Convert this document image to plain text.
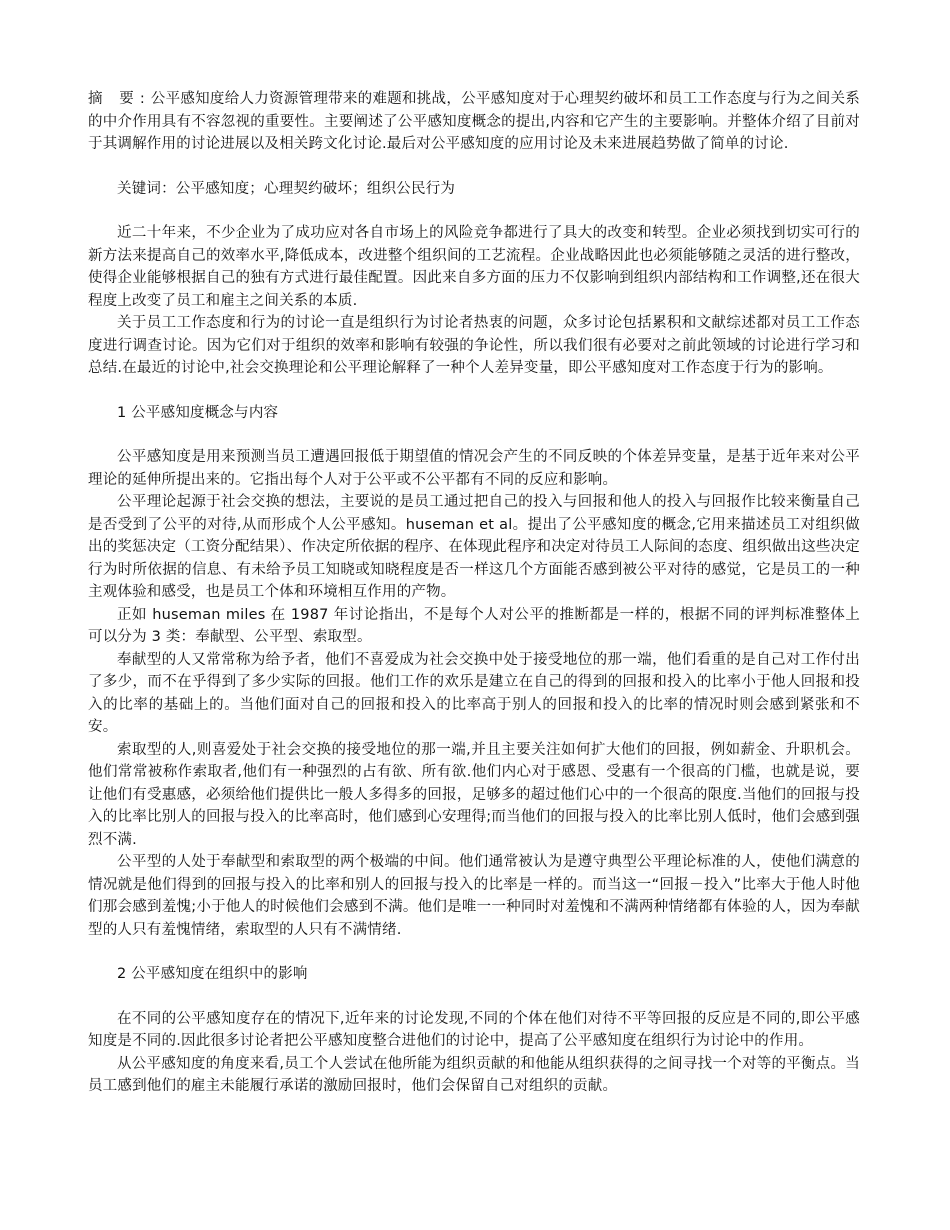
摘 要:公平感知度给人力资源管理带来的难题和挑战，公平感知度对于心理契约破坏和员工工作态度与行为之间关系的中介作用具有不容忽视的重要性。主要阐述了公平感知度概念的提出,内容和它产生的主要影响。并整体介绍了目前对于其调解作用的讨论进展以及相关跨文化讨论.最后对公平感知度的应用讨论及未来进展趋势做了简单的讨论.

关键词：公平感知度；心理契约破坏；组织公民行为

近二十年来，不少企业为了成功应对各自市场上的风险竞争都进行了具大的改变和转型。企业必须找到切实可行的新方法来提高自己的效率水平,降低成本，改进整个组织间的工艺流程。企业战略因此也必须能够随之灵活的进行整改，使得企业能够根据自己的独有方式进行最佳配置。因此来自多方面的压力不仅影响到组织内部结构和工作调整,还在很大程度上改变了员工和雇主之间关系的本质.

关于员工工作态度和行为的讨论一直是组织行为讨论者热衷的问题，众多讨论包括累积和文献综述都对员工工作态度进行调查讨论。因为它们对于组织的效率和影响有较强的争论性，所以我们很有必要对之前此领域的讨论进行学习和总结.在最近的讨论中,社会交换理论和公平理论解释了一种个人差异变量，即公平感知度对工作态度于行为的影响。

1 公平感知度概念与内容

公平感知度是用来预测当员工遭遇回报低于期望值的情况会产生的不同反映的个体差异变量，是基于近年来对公平理论的延伸所提出来的。它指出每个人对于公平或不公平都有不同的反应和影响。

公平理论起源于社会交换的想法，主要说的是员工通过把自己的投入与回报和他人的投入与回报作比较来衡量自己是否受到了公平的对待,从而形成个人公平感知。huseman et al。提出了公平感知度的概念,它用来描述员工对组织做出的奖惩决定（工资分配结果）、作决定所依据的程序、在体现此程序和决定对待员工人际间的态度、组织做出这些决定行为时所依据的信息、有未给予员工知晓或知晓程度是否一样这几个方面能否感到被公平对待的感觉，它是员工的一种主观体验和感受，也是员工个体和环境相互作用的产物。

正如 huseman miles 在 1987 年讨论指出，不是每个人对公平的推断都是一样的，根据不同的评判标准整体上可以分为 3 类：奉献型、公平型、索取型。

奉献型的人又常常称为给予者，他们不喜爱成为社会交换中处于接受地位的那一端，他们看重的是自己对工作付出了多少，而不在乎得到了多少实际的回报。他们工作的欢乐是建立在自己的得到的回报和投入的比率小于他人回报和投入的比率的基础上的。当他们面对自己的回报和投入的比率高于别人的回报和投入的比率的情况时则会感到紧张和不安。

索取型的人,则喜爱处于社会交换的接受地位的那一端,并且主要关注如何扩大他们的回报，例如薪金、升职机会。他们常常被称作索取者,他们有一种强烈的占有欲、所有欲.他们内心对于感恩、受惠有一个很高的门槛，也就是说，要让他们有受惠感，必须给他们提供比一般人多得多的回报，足够多的超过他们心中的一个很高的限度.当他们的回报与投入的比率比别人的回报与投入的比率高时，他们感到心安理得;而当他们的回报与投入的比率比别人低时，他们会感到强烈不满.

公平型的人处于奉献型和索取型的两个极端的中间。他们通常被认为是遵守典型公平理论标准的人，使他们满意的情况就是他们得到的回报与投入的比率和别人的回报与投入的比率是一样的。而当这一“回报－投入”比率大于他人时他们那会感到羞愧;小于他人的时候他们会感到不满。他们是唯一一种同时对羞愧和不满两种情绪都有体验的人，因为奉献型的人只有羞愧情绪，索取型的人只有不满情绪.

2 公平感知度在组织中的影响

在不同的公平感知度存在的情况下,近年来的讨论发现,不同的个体在他们对待不平等回报的反应是不同的,即公平感知度是不同的.因此很多讨论者把公平感知度整合进他们的讨论中，提高了公平感知度在组织行为讨论中的作用。

从公平感知度的角度来看,员工个人尝试在他所能为组织贡献的和他能从组织获得的之间寻找一个对等的平衡点。当员工感到他们的雇主未能履行承诺的激励回报时，他们会保留自己对组织的贡献。
